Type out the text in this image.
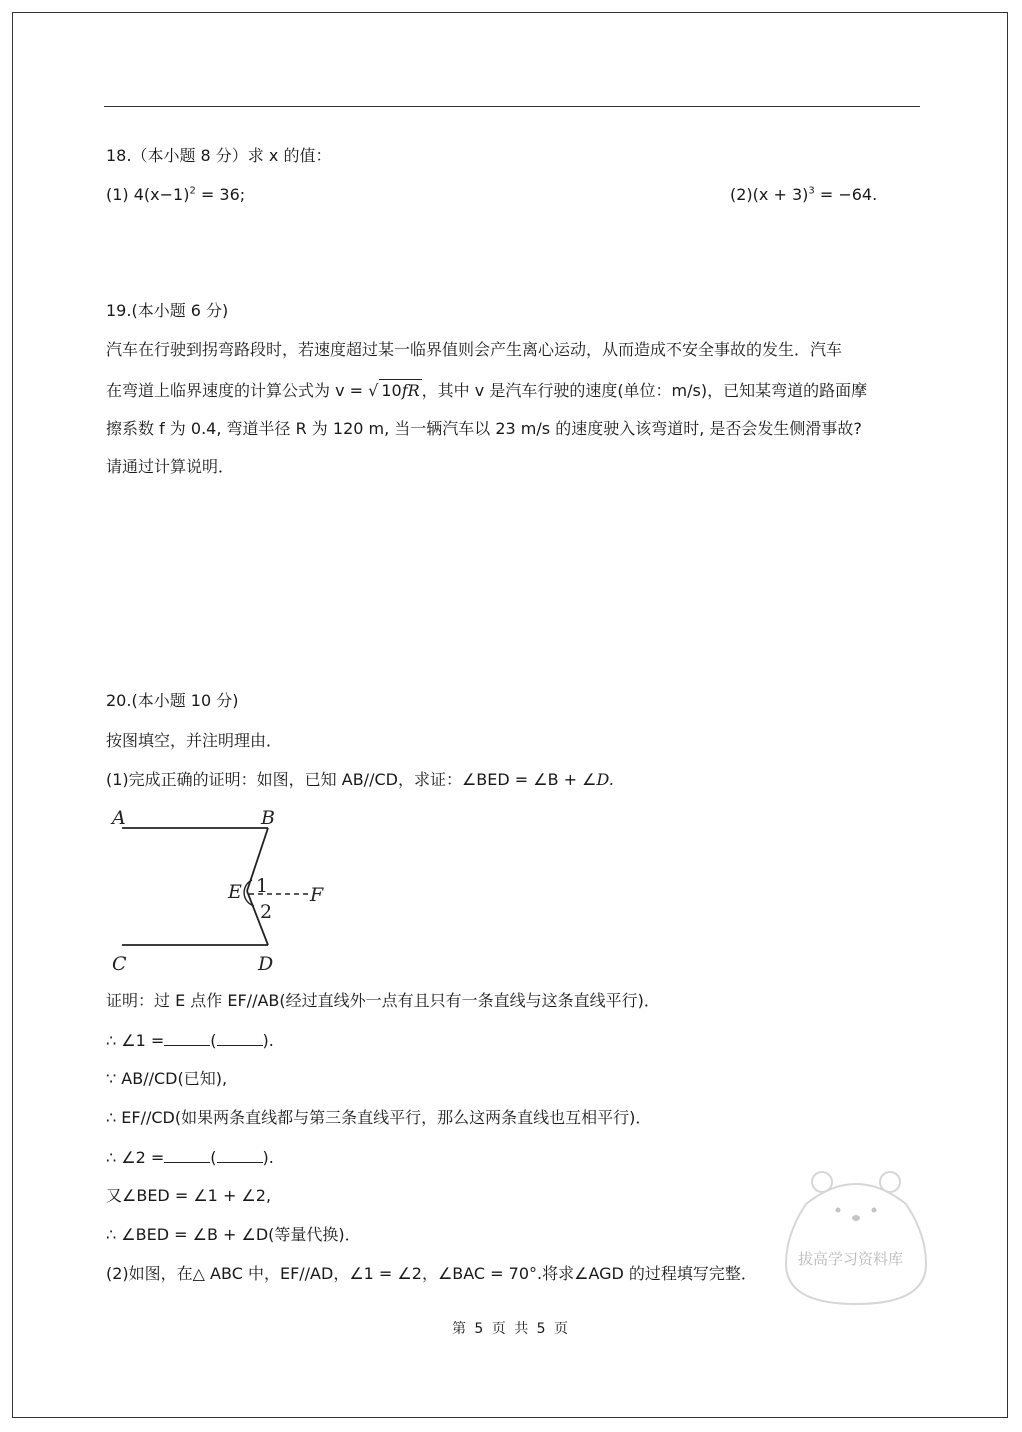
18.（本小题 8 分）求 x 的值：
(1) $4(x-1)^2 = 36$;	$(2)(x + 3)^3 = -64$.
19.(本小题 6 分)
汽车在行驶到拐弯路段时，若速度超过某一临界值则会产生离心运动，从而造成不安全事故的发生．汽车
在弯道上临界速度的计算公式为 v = √ 10fR ，其中 v 是汽车行驶的速度(单位：m/s)，已知某弯道的路面摩
擦系数 f 为 0.4, 弯道半径 R 为 120 m, 当一辆汽车以 23 m/s 的速度驶入该弯道时, 是否会发生侧滑事故?
请通过计算说明．
20.(本小题 10 分)
按图填空，并注明理由．
(1)完成正确的证明：如图，已知 AB//CD，求证：∠BED = ∠B + ∠D.
A	B
C	D
E	F
1
2
证明：过 E 点作 EF//AB(经过直线外一点有且只有一条直线与这条直线平行)．
∴ ∠1 =	(	).
∵ AB//CD(已知),
∴ EF//CD(如果两条直线都与第三条直线平行，那么这两条直线也互相平行)．
∴ ∠2 =	(	).
又∠BED = ∠1 + ∠2,
∴ ∠BED = ∠B + ∠D(等量代换)．
(2)如图，在△ ABC 中，EF//AD，∠1 = ∠2，∠BAC = 70°.将求∠AGD 的过程填写完整．
拔高学习资料库
第 5 页 共 5 页
